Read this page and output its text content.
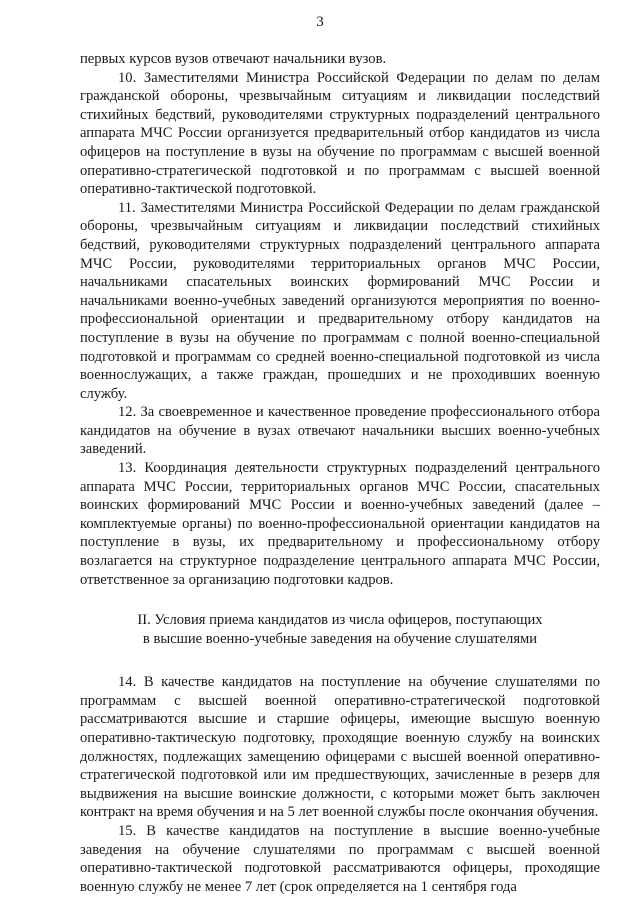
3

первых курсов вузов отвечают начальники вузов.

10. Заместителями Министра Российской Федерации по делам по делам гражданской обороны, чрезвычайным ситуациям и ликвидации последствий стихийных бедствий, руководителями структурных подразделений центрального аппарата МЧС России организуется предварительный отбор кандидатов из числа офицеров на поступление в вузы на обучение по программам с высшей военной оперативно-стратегической подготовкой и по программам с высшей военной оперативно-тактической подготовкой.

11. Заместителями Министра Российской Федерации по делам гражданской обороны, чрезвычайным ситуациям и ликвидации последствий стихийных бедствий, руководителями структурных подразделений центрального аппарата МЧС России, руководителями территориальных органов МЧС России, начальниками спасательных воинских формирований МЧС России и начальниками военно-учебных заведений организуются мероприятия по военно-профессиональной ориентации и предварительному отбору кандидатов на поступление в вузы на обучение по программам с полной военно-специальной подготовкой и программам со средней военно-специальной подготовкой из числа военнослужащих, а также граждан, прошедших и не проходивших военную службу.

12. За своевременное и качественное проведение профессионального отбора кандидатов на обучение в вузах отвечают начальники высших военно-учебных заведений.

13. Координация деятельности структурных подразделений центрального аппарата МЧС России, территориальных органов МЧС России, спасательных воинских формирований МЧС России и военно-учебных заведений (далее – комплектуемые органы) по военно-профессиональной ориентации кандидатов на поступление в вузы, их предварительному и профессиональному отбору возлагается на структурное подразделение центрального аппарата МЧС России, ответственное за организацию подготовки кадров.

II. Условия приема кандидатов из числа офицеров, поступающих
в высшие военно-учебные заведения на обучение слушателями

14. В качестве кандидатов на поступление на обучение слушателями по программам с высшей военной оперативно-стратегической подготовкой рассматриваются высшие и старшие офицеры, имеющие высшую военную оперативно-тактическую подготовку, проходящие военную службу на воинских должностях, подлежащих замещению офицерами с высшей военной оперативно-стратегической подготовкой или им предшествующих, зачисленные в резерв для выдвижения на высшие воинские должности, с которыми может быть заключен контракт на время обучения и на 5 лет военной службы после окончания обучения.

15. В качестве кандидатов на поступление в высшие военно-учебные заведения на обучение слушателями по программам с высшей военной оперативно-тактической подготовкой рассматриваются офицеры, проходящие военную службу не менее 7 лет (срок определяется на 1 сентября года
